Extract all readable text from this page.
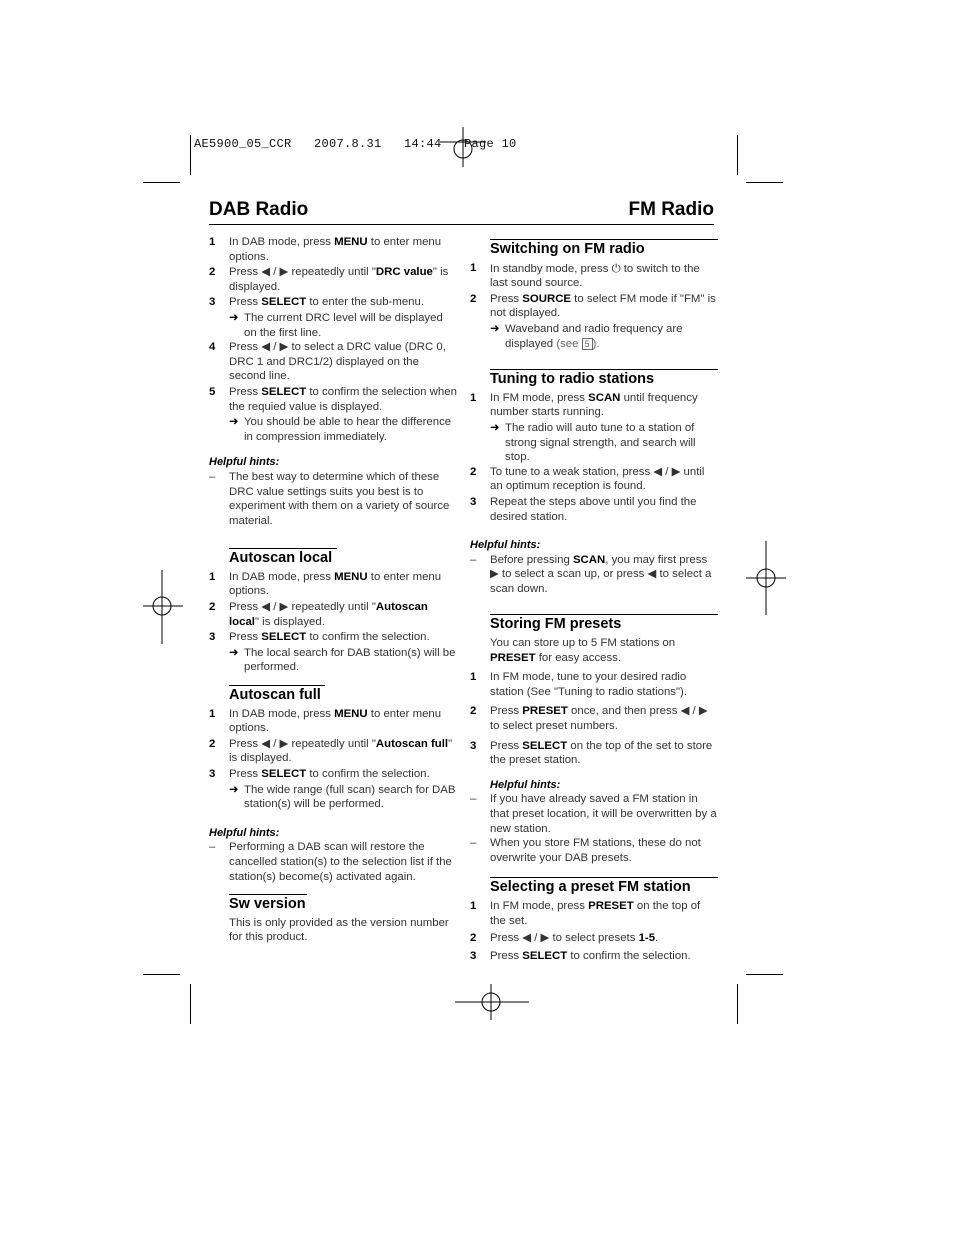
AE5900_05_CCR   2007.8.31   14:44   Page 10
DAB Radio	FM Radio
1 In DAB mode, press MENU to enter menu options.
2 Press ◀ / ▶ repeatedly until "DRC value" is displayed.
3 Press SELECT to enter the sub-menu.
➜ The current DRC level will be displayed on the first line.
4 Press ◀ / ▶ to select a DRC value (DRC 0, DRC 1 and DRC1/2) displayed on the second line.
5 Press SELECT to confirm the selection when the requied value is displayed.
➜ You should be able to hear the difference in compression immediately.
Helpful hints:
– The best way to determine which of these DRC value settings suits you best is to experiment with them on a variety of source material.
Autoscan local
1 In DAB mode, press MENU to enter menu options.
2 Press ◀ / ▶ repeatedly until "Autoscan local" is displayed.
3 Press SELECT to confirm the selection.
➜ The local search for DAB station(s) will be performed.
Autoscan full
1 In DAB mode, press MENU to enter menu options.
2 Press ◀ / ▶ repeatedly until "Autoscan full" is displayed.
3 Press SELECT to confirm the selection.
➜ The wide range (full scan) search for DAB station(s) will be performed.
Helpful hints:
– Performing a DAB scan will restore the cancelled station(s) to the selection list if the station(s) become(s) activated again.
Sw version
This is only provided as the version number for this product.
Switching on FM radio
1 In standby mode, press ⏻ to switch to the last sound source.
2 Press SOURCE to select FM mode if "FM" is not displayed.
➜ Waveband and radio frequency are displayed (see 5 ).
Tuning to radio stations
1 In FM mode, press SCAN until frequency number starts running.
➜ The radio will auto tune to a station of strong signal strength, and search will stop.
2 To tune to a weak station, press ◀ / ▶ until an optimum reception is found.
3 Repeat the steps above until you find the desired station.
Helpful hints:
– Before pressing SCAN, you may first press ▶ to select a scan up, or press ◀ to select a scan down.
Storing FM presets
You can store up to 5 FM stations on PRESET for easy access.
1 In FM mode, tune to your desired radio station (See "Tuning to radio stations").
2 Press PRESET once, and then press ◀ / ▶ to select preset numbers.
3 Press SELECT on the top of the set to store the preset station.
Helpful hints:
– If you have already saved a FM station in that preset location, it will be overwritten by a new station.
– When you store FM stations, these do not overwrite your DAB presets.
Selecting a preset FM station
1 In FM mode, press PRESET on the top of the set.
2 Press ◀ / ▶ to select presets 1-5.
3 Press SELECT to confirm the selection.
